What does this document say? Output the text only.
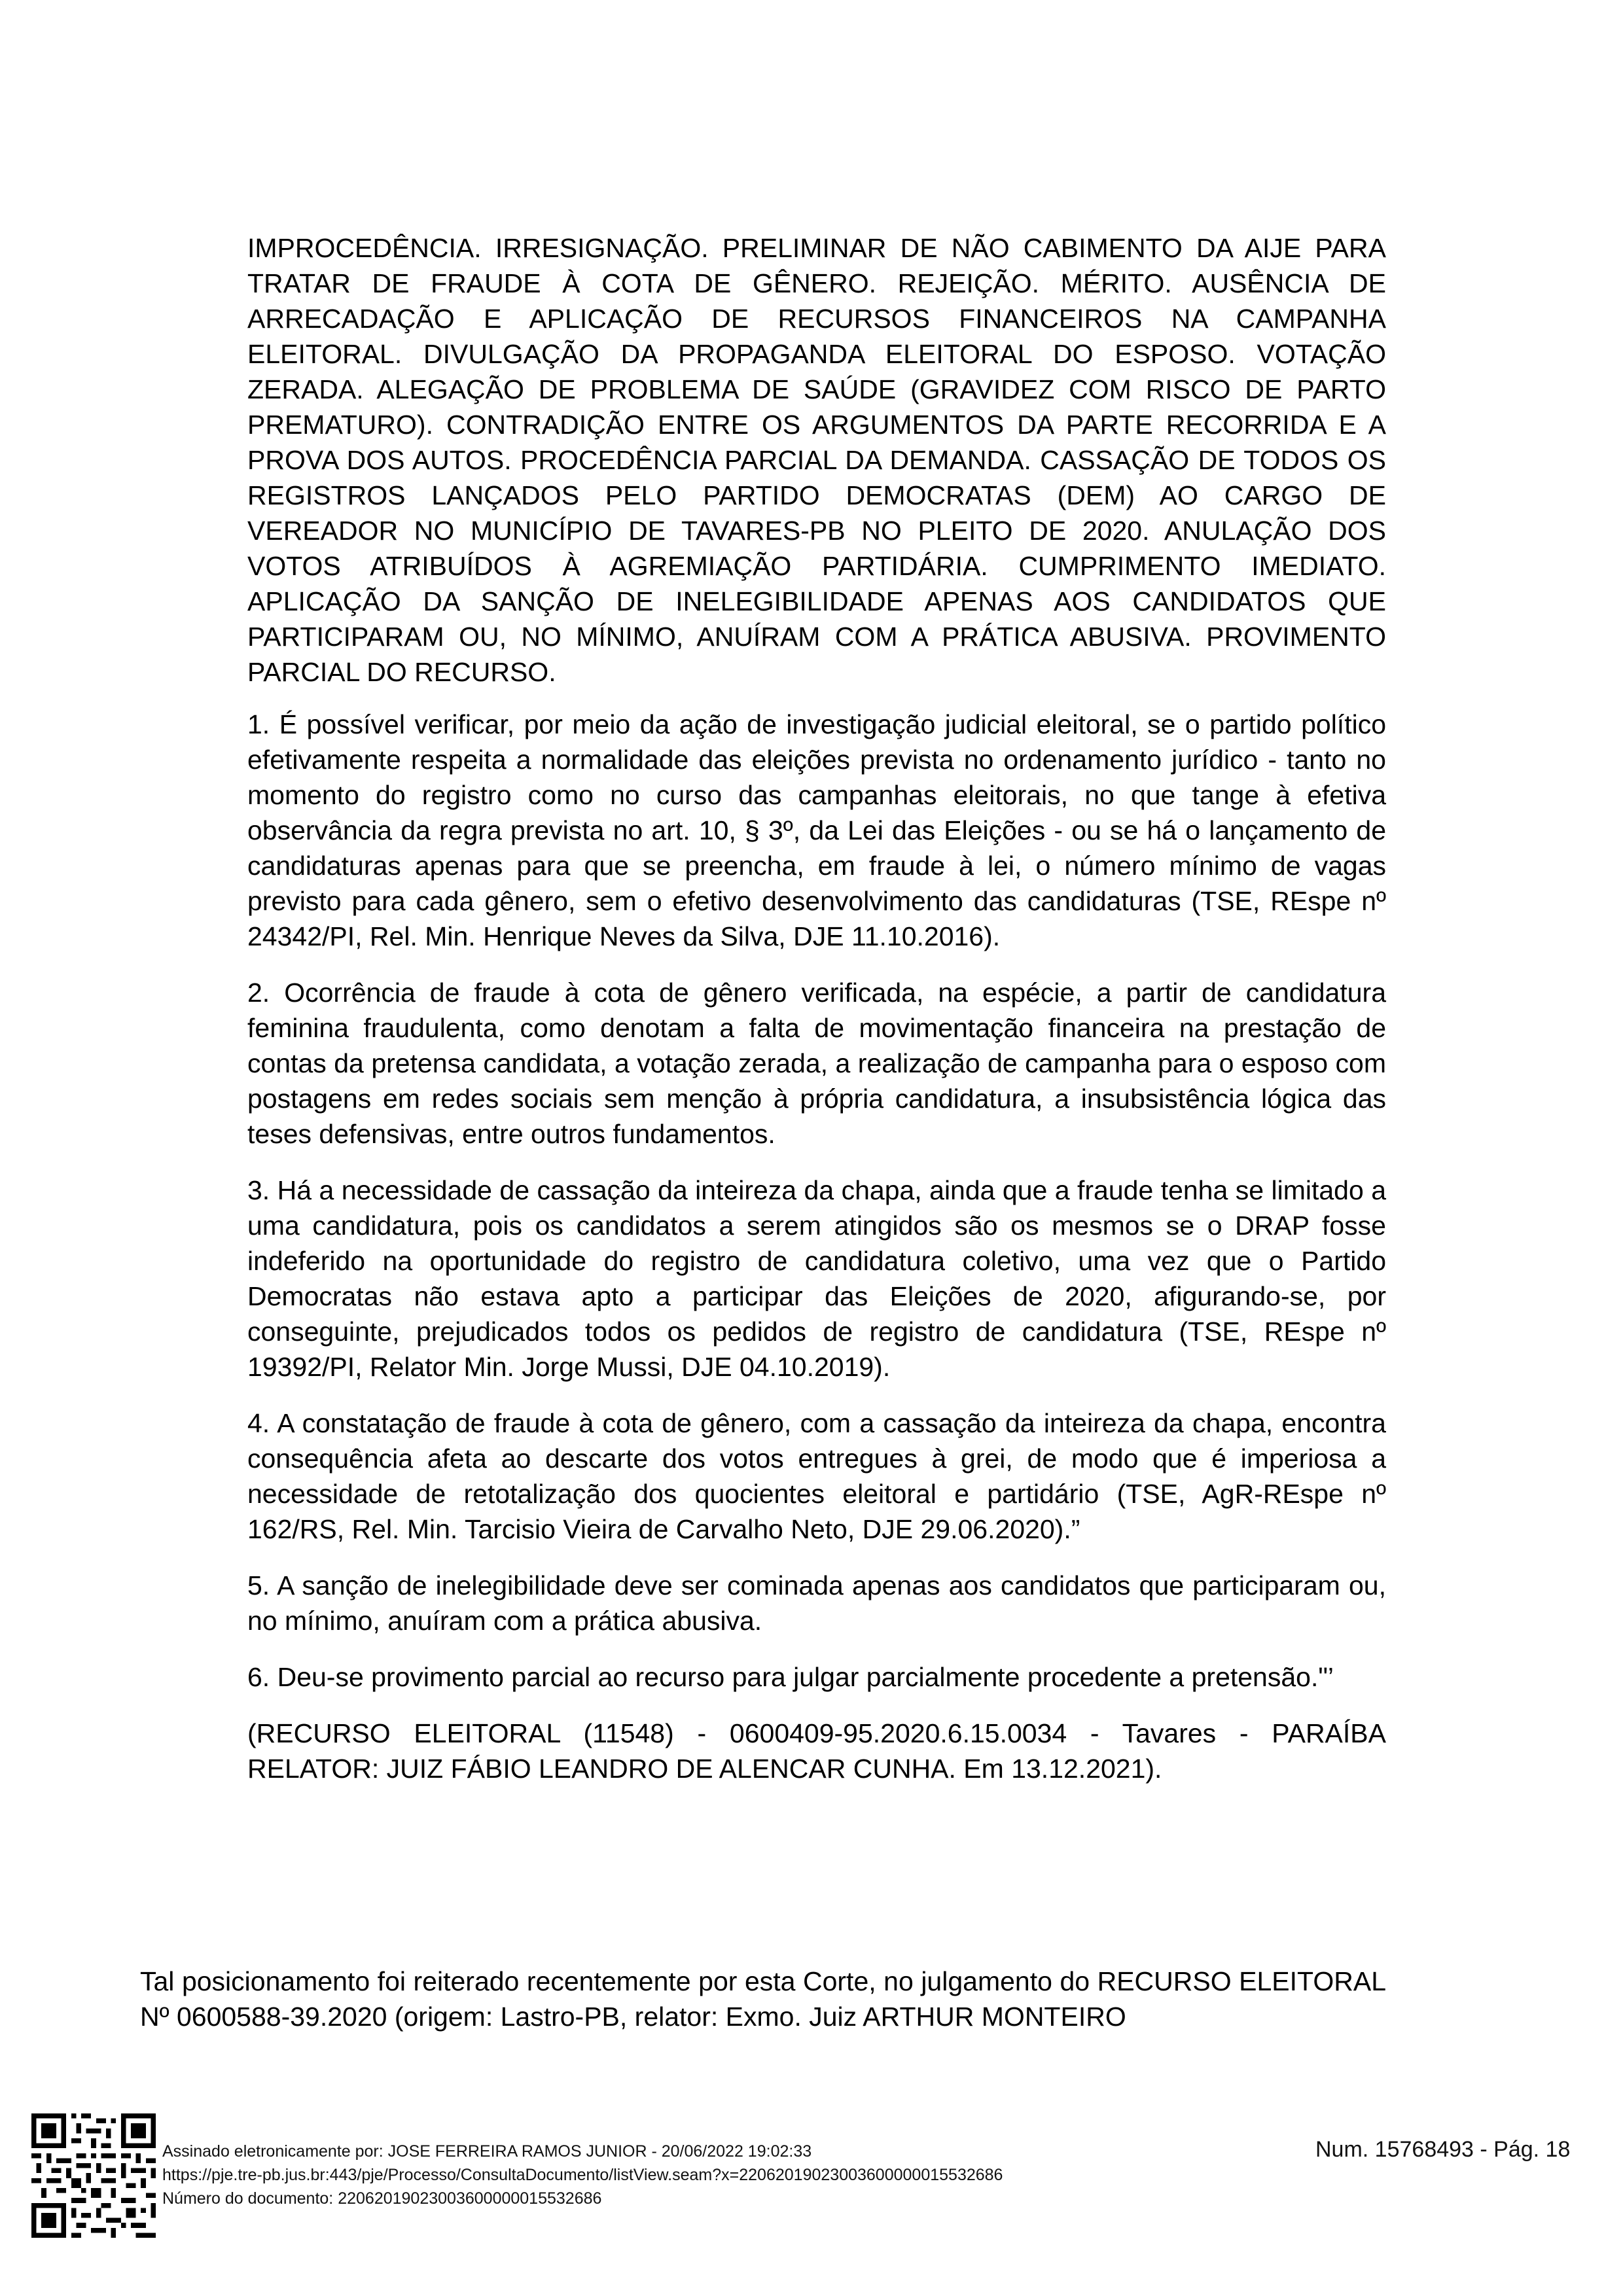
IMPROCEDÊNCIA. IRRESIGNAÇÃO. PRELIMINAR DE NÃO CABIMENTO DA AIJE PARA TRATAR DE FRAUDE À COTA DE GÊNERO. REJEIÇÃO. MÉRITO. AUSÊNCIA DE ARRECADAÇÃO E APLICAÇÃO DE RECURSOS FINANCEIROS NA CAMPANHA ELEITORAL. DIVULGAÇÃO DA PROPAGANDA ELEITORAL DO ESPOSO. VOTAÇÃO ZERADA. ALEGAÇÃO DE PROBLEMA DE SAÚDE (GRAVIDEZ COM RISCO DE PARTO PREMATURO). CONTRADIÇÃO ENTRE OS ARGUMENTOS DA PARTE RECORRIDA E A PROVA DOS AUTOS. PROCEDÊNCIA PARCIAL DA DEMANDA. CASSAÇÃO DE TODOS OS REGISTROS LANÇADOS PELO PARTIDO DEMOCRATAS (DEM) AO CARGO DE VEREADOR NO MUNICÍPIO DE TAVARES-PB NO PLEITO DE 2020. ANULAÇÃO DOS VOTOS ATRIBUÍDOS À AGREMIAÇÃO PARTIDÁRIA. CUMPRIMENTO IMEDIATO. APLICAÇÃO DA SANÇÃO DE INELEGIBILIDADE APENAS AOS CANDIDATOS QUE PARTICIPARAM OU, NO MÍNIMO, ANUÍRAM COM A PRÁTICA ABUSIVA. PROVIMENTO PARCIAL DO RECURSO.

1. É possível verificar, por meio da ação de investigação judicial eleitoral, se o partido político efetivamente respeita a normalidade das eleições prevista no ordenamento jurídico - tanto no momento do registro como no curso das campanhas eleitorais, no que tange à efetiva observância da regra prevista no art. 10, § 3º, da Lei das Eleições - ou se há o lançamento de candidaturas apenas para que se preencha, em fraude à lei, o número mínimo de vagas previsto para cada gênero, sem o efetivo desenvolvimento das candidaturas (TSE, REspe nº 24342/PI, Rel. Min. Henrique Neves da Silva, DJE 11.10.2016).

2. Ocorrência de fraude à cota de gênero verificada, na espécie, a partir de candidatura feminina fraudulenta, como denotam a falta de movimentação financeira na prestação de contas da pretensa candidata, a votação zerada, a realização de campanha para o esposo com postagens em redes sociais sem menção à própria candidatura, a insubsistência lógica das teses defensivas, entre outros fundamentos.

3. Há a necessidade de cassação da inteireza da chapa, ainda que a fraude tenha se limitado a uma candidatura, pois os candidatos a serem atingidos são os mesmos se o DRAP fosse indeferido na oportunidade do registro de candidatura coletivo, uma vez que o Partido Democratas não estava apto a participar das Eleições de 2020, afigurando-se, por conseguinte, prejudicados todos os pedidos de registro de candidatura (TSE, REspe nº 19392/PI, Relator Min. Jorge Mussi, DJE 04.10.2019).

4. A constatação de fraude à cota de gênero, com a cassação da inteireza da chapa, encontra consequência afeta ao descarte dos votos entregues à grei, de modo que é imperiosa a necessidade de retotalização dos quocientes eleitoral e partidário (TSE, AgR-REspe nº 162/RS, Rel. Min. Tarcisio Vieira de Carvalho Neto, DJE 29.06.2020).”

5. A sanção de inelegibilidade deve ser cominada apenas aos candidatos que participaram ou, no mínimo, anuíram com a prática abusiva.

6. Deu-se provimento parcial ao recurso para julgar parcialmente procedente a pretensão."’

(RECURSO ELEITORAL (11548) - 0600409-95.2020.6.15.0034 - Tavares - PARAÍBA RELATOR: JUIZ FÁBIO LEANDRO DE ALENCAR CUNHA. Em 13.12.2021).

Tal posicionamento foi reiterado recentemente por esta Corte, no julgamento do RECURSO ELEITORAL Nº 0600588-39.2020 (origem: Lastro-PB, relator: Exmo. Juiz ARTHUR MONTEIRO

Assinado eletronicamente por: JOSE FERREIRA RAMOS JUNIOR - 20/06/2022 19:02:33
https://pje.tre-pb.jus.br:443/pje/Processo/ConsultaDocumento/listView.seam?x=22062019023003600000015532686
Número do documento: 22062019023003600000015532686
Num. 15768493 - Pág. 18
